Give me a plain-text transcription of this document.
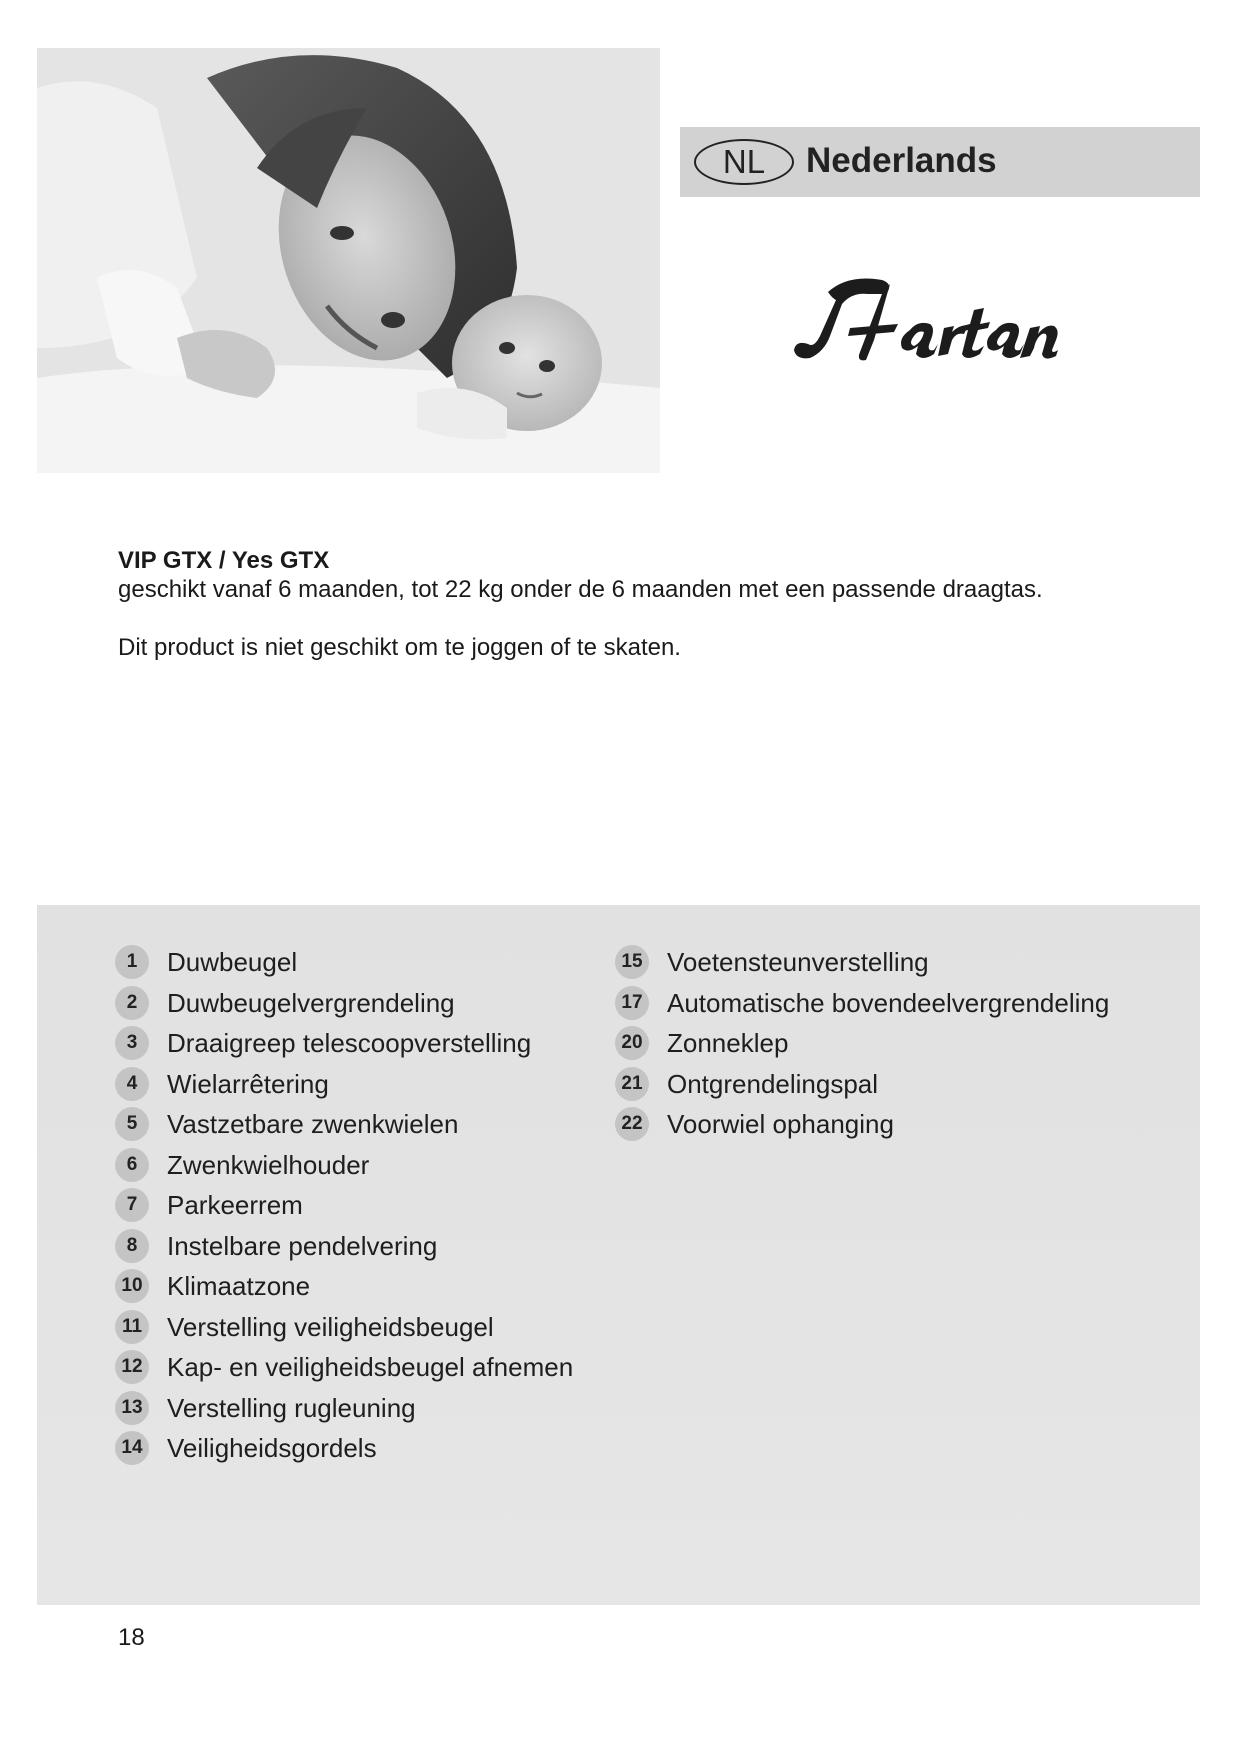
NL	Nederlands
VIP GTX / Yes GTX
geschikt vanaf 6 maanden, tot 22 kg onder de 6 maanden met een passende draagtas.
Dit product is niet geschikt om te joggen of te skaten.
1	Duwbeugel
2	Duwbeugelvergrendeling
3	Draaigreep telescoopverstelling
4	Wielarrêtering
5	Vastzetbare zwenkwielen
6	Zwenkwielhouder
7	Parkeerrem
8	Instelbare pendelvering
10 Klimaatzone
11 Verstelling veiligheidsbeugel
12 Kap- en veiligheidsbeugel afnemen
13 Verstelling rugleuning
14 Veiligheidsgordels
15 Voetensteunverstelling
17 Automatische bovendeelvergrendeling
20 Zonneklep
21 Ontgrendelingspal
22 Voorwiel ophanging
18
